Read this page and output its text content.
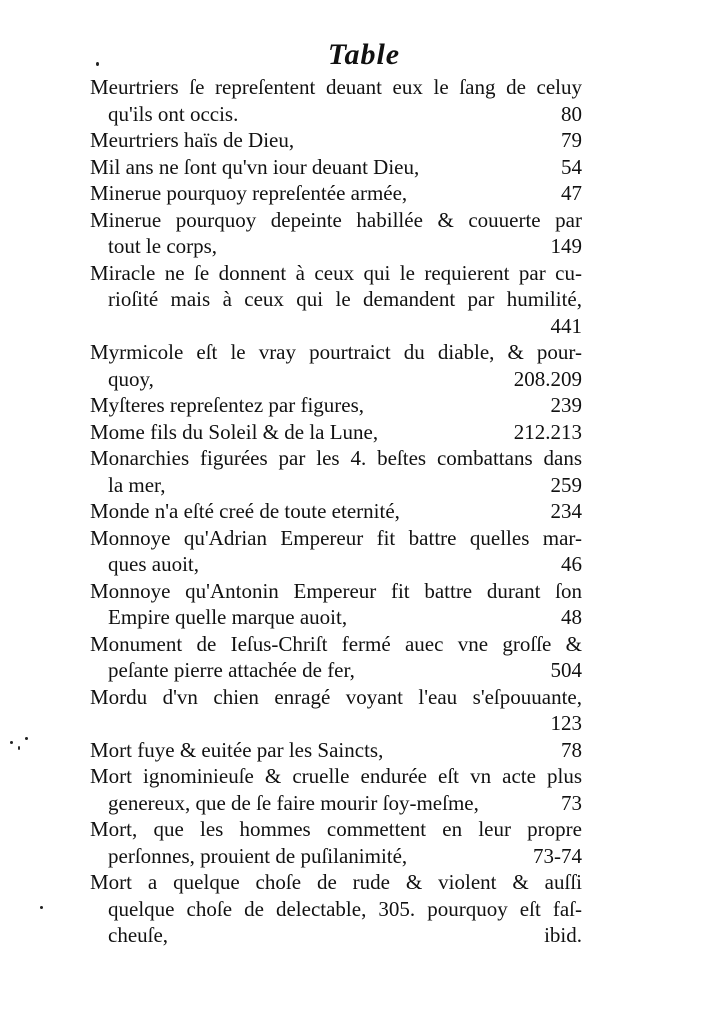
Table
Meurtriers ſe repreſentent deuant eux le ſang de celuy
qu'ils ont occis.	80
Meurtriers haïs de Dieu,	79
Mil ans ne ſont qu'vn iour deuant Dieu,	54
Minerue pourquoy repreſentée armée,	47
Minerue pourquoy depeinte habillée & couuerte par
tout le corps,	149
Miracle ne ſe donnent à ceux qui le requierent par cu-
rioſité mais à ceux qui le demandent par humilité,
441
Myrmicole eſt le vray pourtraict du diable, & pour-
quoy,	208.209
Myſteres repreſentez par figures,	239
Mome fils du Soleil & de la Lune,	212.213
Monarchies figurées par les 4. beſtes combattans dans
la mer,	259
Monde n'a eſté creé de toute eternité,	234
Monnoye qu'Adrian Empereur fit battre quelles mar-
ques auoit,	46
Monnoye qu'Antonin Empereur fit battre durant ſon
Empire quelle marque auoit,	48
Monument de Ieſus-Chriſt fermé auec vne groſſe &
peſante pierre attachée de fer,	504
Mordu d'vn chien enragé voyant l'eau s'eſpouuante,
123
Mort fuye & euitée par les Saincts,	78
Mort ignominieuſe & cruelle endurée eſt vn acte plus
genereux, que de ſe faire mourir ſoy-meſme,	73
Mort, que les hommes commettent en leur propre
perſonnes, prouient de puſilanimité,	73-74
Mort a quelque choſe de rude & violent & auſſi
quelque choſe de delectable, 305. pourquoy eſt faſ-
cheuſe,	ibid.
